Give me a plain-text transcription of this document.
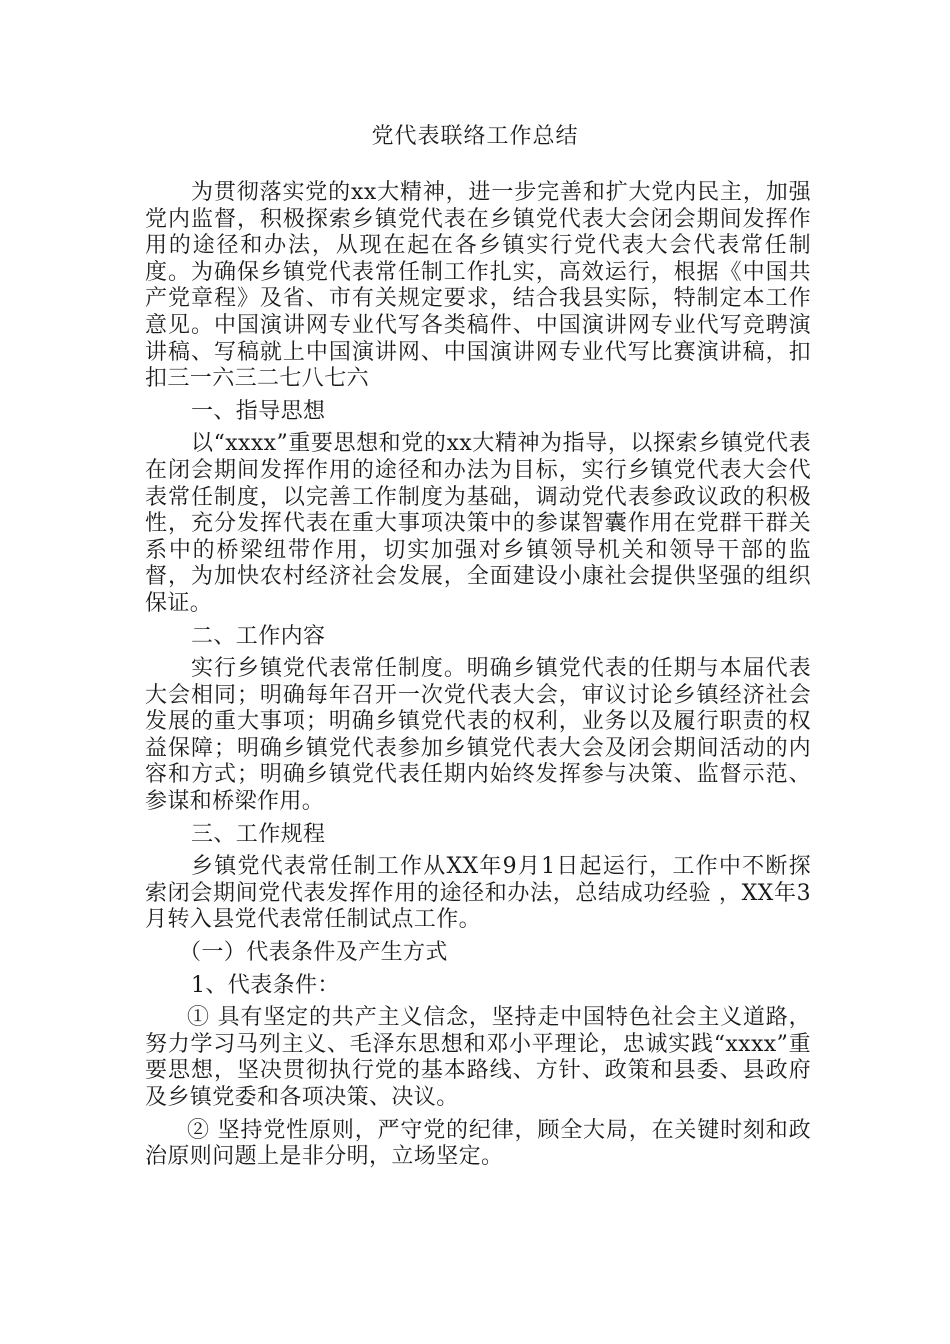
党代表联络工作总结

为贯彻落实党的xx大精神，进一步完善和扩大党内民主，加强党内监督，积极探索乡镇党代表在乡镇党代表大会闭会期间发挥作用的途径和办法，从现在起在各乡镇实行党代表大会代表常任制度。为确保乡镇党代表常任制工作扎实，高效运行，根据《中国共产党章程》及省、市有关规定要求，结合我县实际，特制定本工作意见。中国演讲网专业代写各类稿件、中国演讲网专业代写竞聘演讲稿、写稿就上中国演讲网、中国演讲网专业代写比赛演讲稿，扣扣三一六三二七八七六

一、指导思想

以“xxxx”重要思想和党的xx大精神为指导，以探索乡镇党代表在闭会期间发挥作用的途径和办法为目标，实行乡镇党代表大会代表常任制度，以完善工作制度为基础，调动党代表参政议政的积极性，充分发挥代表在重大事项决策中的参谋智囊作用在党群干群关系中的桥梁纽带作用，切实加强对乡镇领导机关和领导干部的监督，为加快农村经济社会发展，全面建设小康社会提供坚强的组织保证。

二、工作内容

实行乡镇党代表常任制度。明确乡镇党代表的任期与本届代表大会相同；明确每年召开一次党代表大会，审议讨论乡镇经济社会发展的重大事项；明确乡镇党代表的权利，业务以及履行职责的权益保障；明确乡镇党代表参加乡镇党代表大会及闭会期间活动的内容和方式；明确乡镇党代表任期内始终发挥参与决策、监督示范、参谋和桥梁作用。

三、工作规程

乡镇党代表常任制工作从XX年9月1日起运行，工作中不断探索闭会期间党代表发挥作用的途径和办法，总结成功经验 ，XX年3月转入县党代表常任制试点工作。

（一）代表条件及产生方式

1、代表条件：

① 具有坚定的共产主义信念，坚持走中国特色社会主义道路，努力学习马列主义、毛泽东思想和邓小平理论，忠诚实践“xxxx”重要思想，坚决贯彻执行党的基本路线、方针、政策和县委、县政府及乡镇党委和各项决策、决议。

② 坚持党性原则，严守党的纪律，顾全大局，在关键时刻和政治原则问题上是非分明，立场坚定。
